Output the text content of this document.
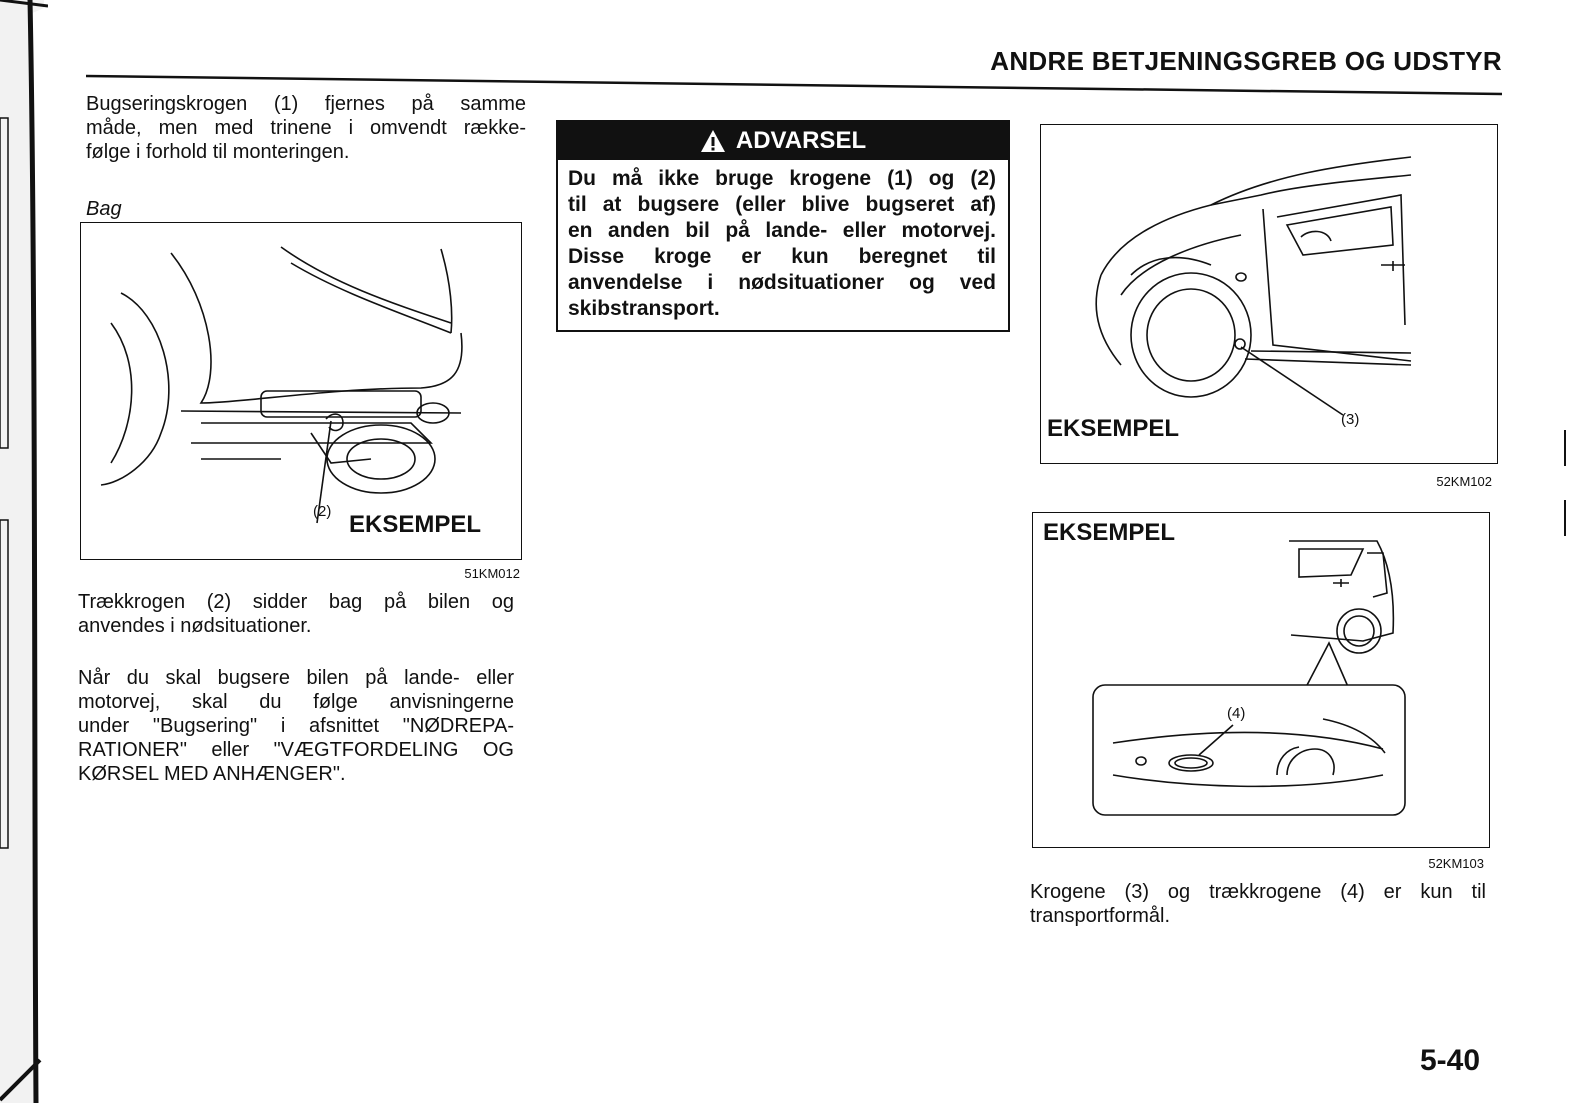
ANDRE BETJENINGSGREB OG UDSTYR
Bugseringskrogen (1) fjernes på samme
måde, men med trinene i omvendt række-
følge i forhold til monteringen.
Bag
(2) EKSEMPEL
51KM012
Trækkrogen (2) sidder bag på bilen og
anvendes i nødsituationer.
Når du skal bugsere bilen på lande- eller
motorvej, skal du følge anvisningerne
under "Bugsering" i afsnittet "NØDREPA-
RATIONER" eller "VÆGTFORDELING OG
KØRSEL MED ANHÆNGER".
ADVARSEL
Du må ikke bruge krogene (1) og (2)
til at bugsere (eller blive bugseret af)
en anden bil på lande- eller motorvej.
Disse kroge er kun beregnet til
anvendelse i nødsituationer og ved
skibstransport.
EKSEMPEL	(3)
52KM102
EKSEMPEL
(4)
52KM103
Krogene (3) og trækkrogene (4) er kun til
transportformål.
5-40
